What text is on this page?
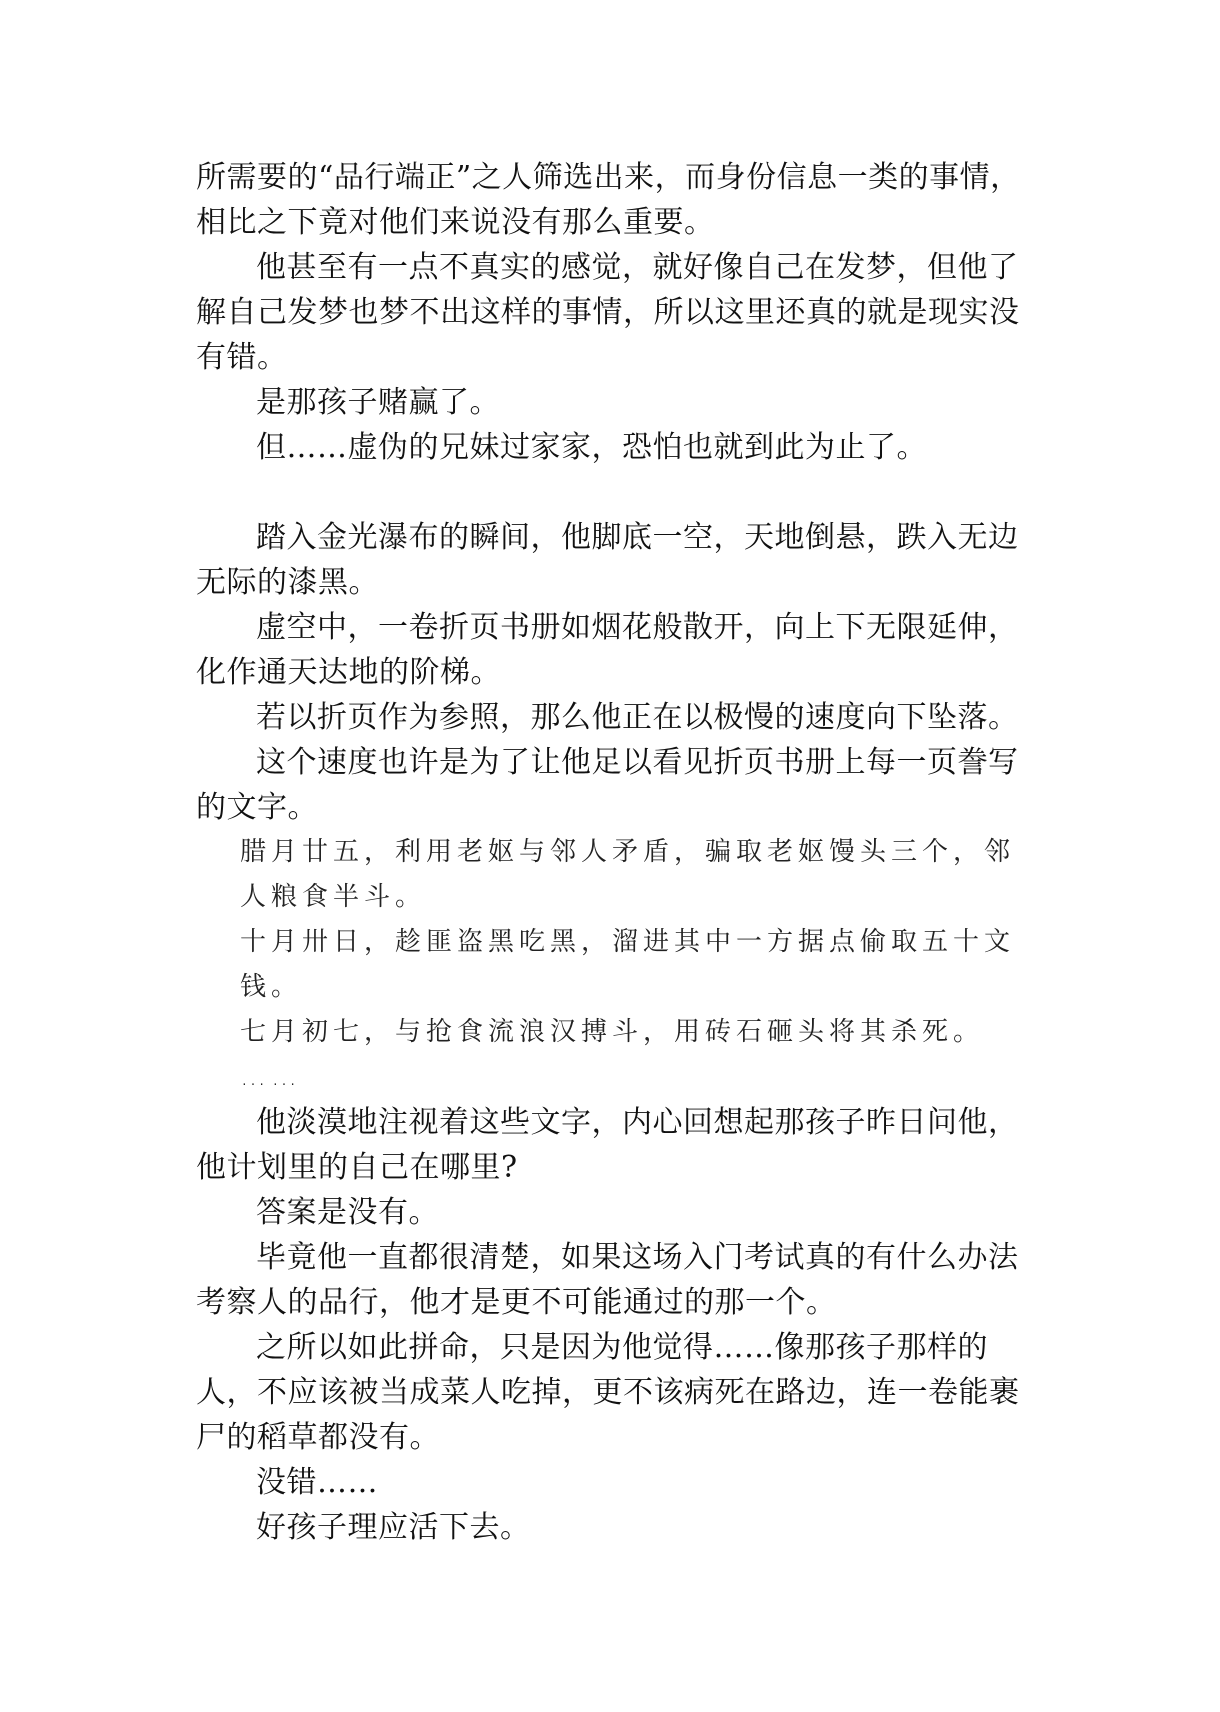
所需要的“品行端正”之人筛选出来，而身份信息一类的事情，相比之下竟对他们来说没有那么重要。

他甚至有一点不真实的感觉，就好像自己在发梦，但他了解自己发梦也梦不出这样的事情，所以这里还真的就是现实没有错。

是那孩子赌赢了。

但……虚伪的兄妹过家家，恐怕也就到此为止了。

踏入金光瀑布的瞬间，他脚底一空，天地倒悬，跌入无边无际的漆黑。

虚空中，一卷折页书册如烟花般散开，向上下无限延伸，化作通天达地的阶梯。

若以折页作为参照，那么他正在以极慢的速度向下坠落。

这个速度也许是为了让他足以看见折页书册上每一页誊写的文字。

腊月廿五，利用老妪与邻人矛盾，骗取老妪馒头三个，邻人粮食半斗。

十月卅日，趁匪盗黑吃黑，溜进其中一方据点偷取五十文钱。

七月初七，与抢食流浪汉搏斗，用砖石砸头将其杀死。

……

他淡漠地注视着这些文字，内心回想起那孩子昨日问他，他计划里的自己在哪里?

答案是没有。

毕竟他一直都很清楚，如果这场入门考试真的有什么办法考察人的品行，他才是更不可能通过的那一个。

之所以如此拼命，只是因为他觉得……像那孩子那样的人，不应该被当成菜人吃掉，更不该病死在路边，连一卷能裹尸的稻草都没有。

没错……

好孩子理应活下去。
